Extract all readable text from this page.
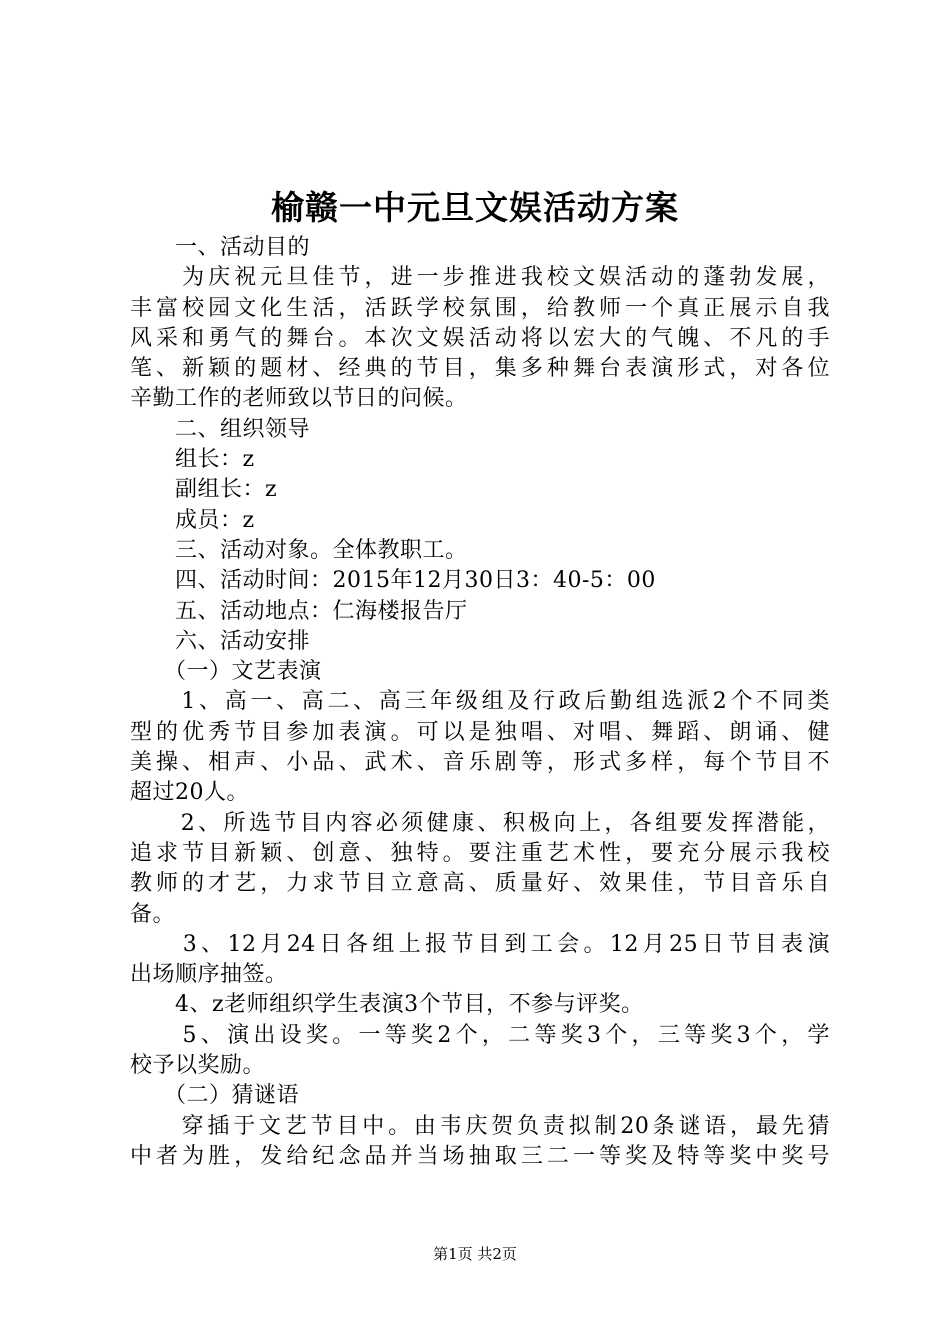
榆赣一中元旦文娱活动方案
　　一、活动目的
　　为庆祝元旦佳节，进一步推进我校文娱活动的蓬勃发展，
丰富校园文化生活，活跃学校氛围，给教师一个真正展示自我
风采和勇气的舞台。本次文娱活动将以宏大的气魄、不凡的手
笔、新颖的题材、经典的节目，集多种舞台表演形式，对各位
辛勤工作的老师致以节日的问候。
　　二、组织领导
　　组长：z
　　副组长：z
　　成员：z
　　三、活动对象。全体教职工。
　　四、活动时间：2015年12月30日3：40-5：00
　　五、活动地点：仁海楼报告厅
　　六、活动安排
　　（一）文艺表演
　　1、高一、高二、高三年级组及行政后勤组选派2个不同类
型的优秀节目参加表演。可以是独唱、对唱、舞蹈、朗诵、健
美操、相声、小品、武术、音乐剧等，形式多样，每个节目不
超过20人。
　　2、所选节目内容必须健康、积极向上，各组要发挥潜能，
追求节目新颖、创意、独特。要注重艺术性，要充分展示我校
教师的才艺，力求节目立意高、质量好、效果佳，节目音乐自
备。
　　3、12月24日各组上报节目到工会。12月25日节目表演
出场顺序抽签。
　　4、z老师组织学生表演3个节目，不参与评奖。
　　5、演出设奖。一等奖2个，二等奖3个，三等奖3个，学
校予以奖励。
　　（二）猜谜语
　　穿插于文艺节目中。由韦庆贺负责拟制20条谜语，最先猜
中者为胜，发给纪念品并当场抽取三二一等奖及特等奖中奖号
第1页 共2页
